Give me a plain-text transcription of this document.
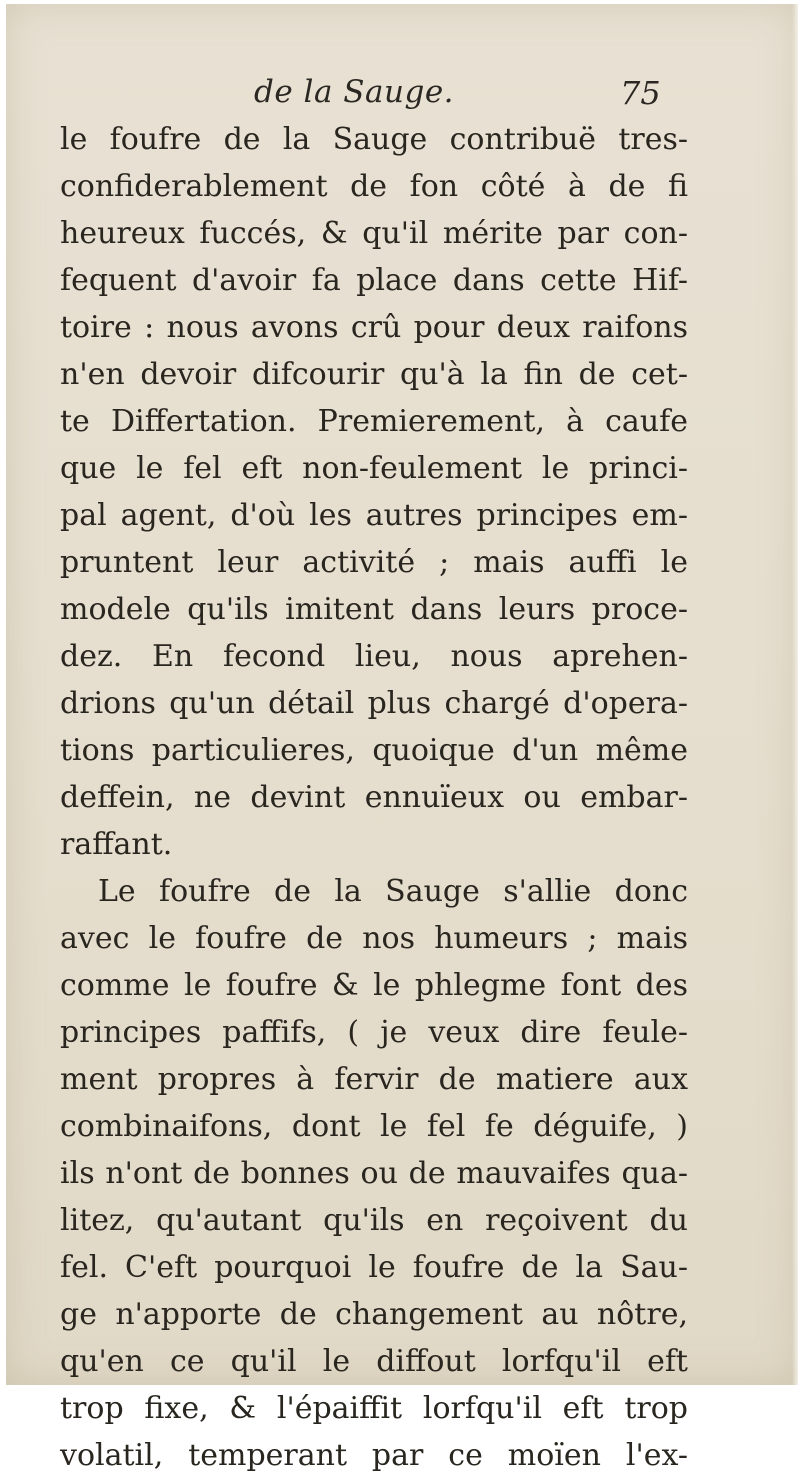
de la Sauge.	75
le foufre de la Sauge contribuë tres-
confiderablement de fon côté à de fi
heureux fuccés, & qu'il mérite par con-
fequent d'avoir fa place dans cette Hif-
toire : nous avons crû pour deux raifons
n'en devoir difcourir qu'à la fin de cet-
te Differtation. Premierement, à caufe
que le fel eft non-feulement le princi-
pal agent, d'où les autres principes em-
pruntent leur activité ; mais auffi le
modele qu'ils imitent dans leurs proce-
dez. En fecond lieu, nous aprehen-
drions qu'un détail plus chargé d'opera-
tions particulieres, quoique d'un même
deffein, ne devint ennuïeux ou embar-
raffant.
Le foufre de la Sauge s'allie donc
avec le foufre de nos humeurs ; mais
comme le foufre & le phlegme font des
principes paffifs, ( je veux dire feule-
ment propres à fervir de matiere aux
combinaifons, dont le fel fe déguife, )
ils n'ont de bonnes ou de mauvaifes qua-
litez, qu'autant qu'ils en reçoivent du
fel. C'eft pourquoi le foufre de la Sau-
ge n'apporte de changement au nôtre,
qu'en ce qu'il le diffout lorfqu'il eft
trop fixe, & l'épaiffit lorfqu'il eft trop
volatil, temperant par ce moïen l'ex-
